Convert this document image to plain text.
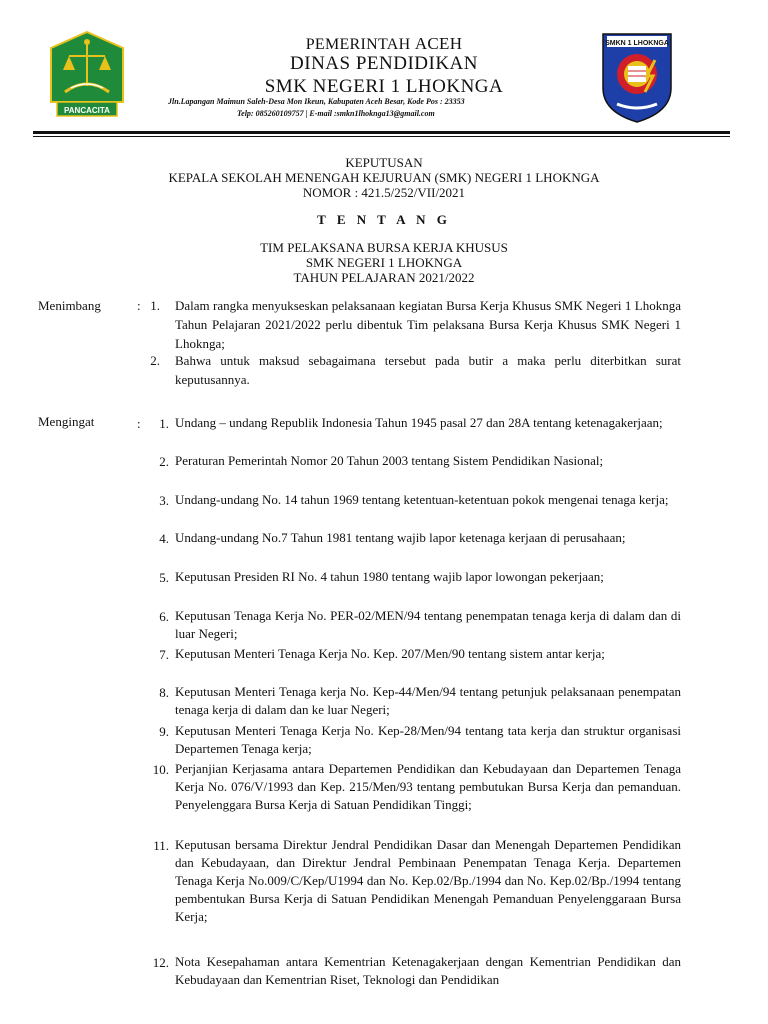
PANCACITA
SMKN 1 LHOKNGA
PEMERINTAH ACEH
DINAS PENDIDIKAN
SMK NEGERI 1 LHOKNGA
Jln.Lapangan Maimun Saleh-Desa Mon Ikeun, Kabupaten Aceh Besar, Kode Pos : 23353
Telp: 085260109757 | E-mail :smkn1lhoknga13@gmail.com
KEPUTUSAN
KEPALA SEKOLAH MENENGAH KEJURUAN (SMK) NEGERI 1 LHOKNGA
NOMOR : 421.5/252/VII/2021
T E N T A N G
TIM PELAKSANA BURSA KERJA KHUSUS
SMK NEGERI 1 LHOKNGA
TAHUN PELAJARAN 2021/2022
Menimbang	: 1. Dalam rangka menyukseskan pelaksanaan kegiatan Bursa Kerja Khusus SMK Negeri 1 Lhoknga Tahun Pelajaran 2021/2022 perlu dibentuk Tim pelaksana Bursa Kerja Khusus SMK Negeri 1 Lhoknga;
2. Bahwa untuk maksud sebagaimana tersebut pada butir a maka perlu diterbitkan surat keputusannya.
Mengingat	:	1. Undang – undang Republik Indonesia Tahun 1945 pasal 27 dan 28A tentang ketenagakerjaan;
2. Peraturan Pemerintah Nomor 20 Tahun 2003 tentang Sistem Pendidikan Nasional;
3. Undang-undang No. 14 tahun 1969 tentang ketentuan-ketentuan pokok mengenai tenaga kerja;
4. Undang-undang No.7 Tahun 1981 tentang wajib lapor ketenaga kerjaan di perusahaan;
5. Keputusan Presiden RI No. 4 tahun 1980 tentang wajib lapor lowongan pekerjaan;
6. Keputusan Tenaga Kerja No. PER-02/MEN/94 tentang penempatan tenaga kerja di dalam dan di luar Negeri;
7. Keputusan Menteri Tenaga Kerja No. Kep. 207/Men/90 tentang sistem antar kerja;
8. Keputusan Menteri Tenaga kerja No. Kep-44/Men/94 tentang petunjuk pelaksanaan penempatan tenaga kerja di dalam dan ke luar Negeri;
9. Keputusan Menteri Tenaga Kerja No. Kep-28/Men/94 tentang tata kerja dan struktur organisasi Departemen Tenaga kerja;
10. Perjanjian Kerjasama antara Departemen Pendidikan dan Kebudayaan dan Departemen Tenaga Kerja No. 076/V/1993 dan Kep. 215/Men/93 tentang pembutukan Bursa Kerja dan pemanduan. Penyelenggara Bursa Kerja di Satuan Pendidikan Tinggi;
11. Keputusan bersama Direktur Jendral Pendidikan Dasar dan Menengah Departemen Pendidikan dan Kebudayaan, dan Direktur Jendral Pembinaan Penempatan Tenaga Kerja. Departemen Tenaga Kerja No.009/C/Kep/U1994 dan No. Kep.02/Bp./1994 dan No. Kep.02/Bp./1994 tentang pembentukan Bursa Kerja di Satuan Pendidikan Menengah Pemanduan Penyelenggaraan Bursa Kerja;
12. Nota Kesepahaman antara Kementrian Ketenagakerjaan dengan Kementrian Pendidikan dan Kebudayaan dan Kementrian Riset, Teknologi dan Pendidikan
